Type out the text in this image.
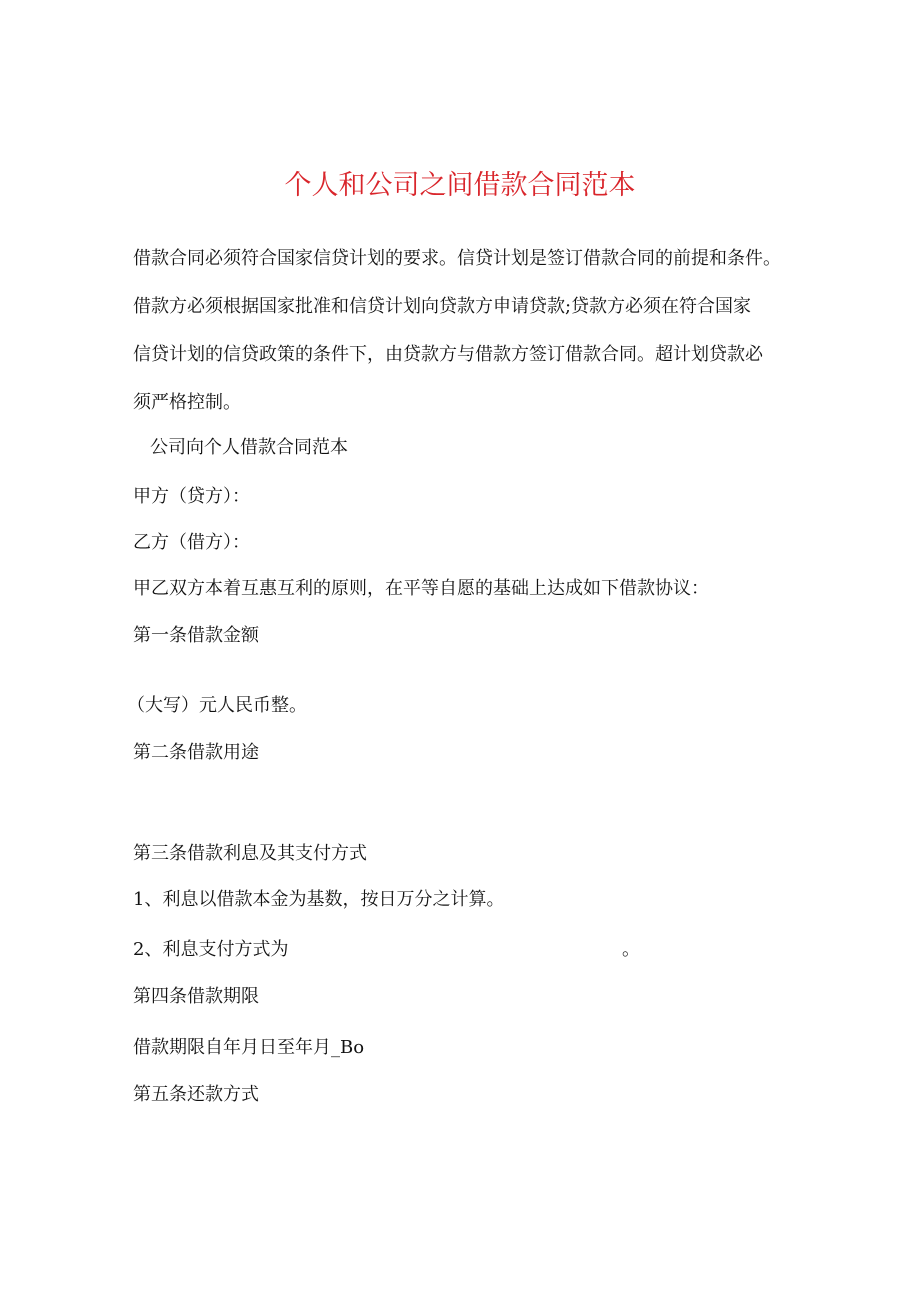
个人和公司之间借款合同范本
借款合同必须符合国家信贷计划的要求。信贷计划是签订借款合同的前提和条件。
借款方必须根据国家批准和信贷计划向贷款方申请贷款;贷款方必须在符合国家
信贷计划的信贷政策的条件下，由贷款方与借款方签订借款合同。超计划贷款必
须严格控制。
公司向个人借款合同范本
甲方（贷方）：
乙方（借方）：
甲乙双方本着互惠互利的原则，在平等自愿的基础上达成如下借款协议：
第一条借款金额
（大写）元人民币整。
第二条借款用途
第三条借款利息及其支付方式
1、利息以借款本金为基数，按日万分之计算。
2、利息支付方式为	。
第四条借款期限
借款期限自年月日至年月_Bo
第五条还款方式
